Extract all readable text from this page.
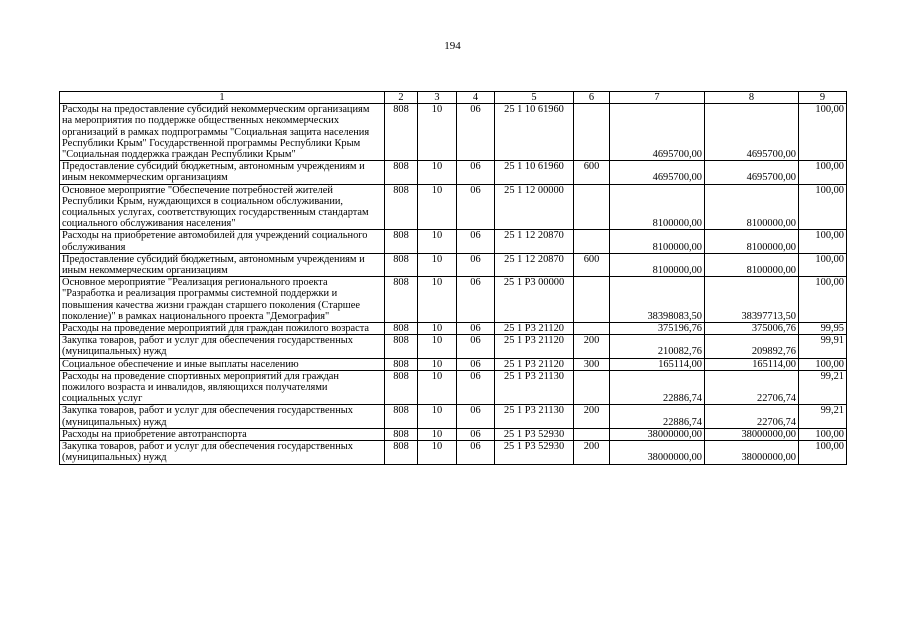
194
1	2	3	4	5	6	7	8	9
Расходы на предоставление субсидий некоммерческим организациям на мероприятия по поддержке общественных некоммерческих организаций в рамках подпрограммы "Социальная защита населения Республики Крым" Государственной программы Республики Крым "Социальная поддержка граждан Республики Крым"	808	10	06	25 1 10 61960		4695700,00	4695700,00	100,00
Предоставление субсидий бюджетным, автономным учреждениям и иным некоммерческим организациям	808	10	06	25 1 10 61960	600	4695700,00	4695700,00	100,00
Основное мероприятие "Обеспечение потребностей жителей Республики Крым, нуждающихся в социальном обслуживании, социальных услугах, соответствующих государственным стандартам социального обслуживания населения"	808	10	06	25 1 12 00000		8100000,00	8100000,00	100,00
Расходы на приобретение автомобилей для учреждений социального обслуживания	808	10	06	25 1 12 20870		8100000,00	8100000,00	100,00
Предоставление субсидий бюджетным, автономным учреждениям и иным некоммерческим организациям	808	10	06	25 1 12 20870	600	8100000,00	8100000,00	100,00
Основное мероприятие "Реализация регионального проекта "Разработка и реализация программы системной поддержки и повышения качества жизни граждан старшего поколения (Старшее поколение)" в рамках национального проекта "Демография"	808	10	06	25 1 P3 00000		38398083,50	38397713,50	100,00
Расходы на проведение мероприятий для граждан пожилого возраста	808	10	06	25 1 P3 21120		375196,76	375006,76	99,95
Закупка товаров, работ и услуг для обеспечения государственных (муниципальных) нужд	808	10	06	25 1 P3 21120	200	210082,76	209892,76	99,91
Социальное обеспечение и иные выплаты населению	808	10	06	25 1 P3 21120	300	165114,00	165114,00	100,00
Расходы на проведение спортивных мероприятий для граждан пожилого возраста и инвалидов, являющихся получателями социальных услуг	808	10	06	25 1 P3 21130		22886,74	22706,74	99,21
Закупка товаров, работ и услуг для обеспечения государственных (муниципальных) нужд	808	10	06	25 1 P3 21130	200	22886,74	22706,74	99,21
Расходы на приобретение автотранспорта	808	10	06	25 1 P3 52930		38000000,00	38000000,00	100,00
Закупка товаров, работ и услуг для обеспечения государственных (муниципальных) нужд	808	10	06	25 1 P3 52930	200	38000000,00	38000000,00	100,00
